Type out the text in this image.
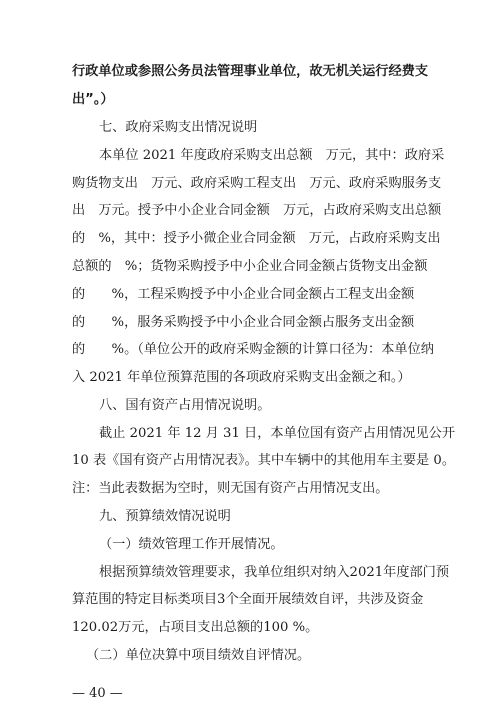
行政单位或参照公务员法管理事业单位，故无机关运行经费支
出”。）
七、政府采购支出情况说明
本单位 2021 年度政府采购支出总额　万元，其中：政府采
购货物支出　万元、政府采购工程支出　万元、政府采购服务支
出　万元。授予中小企业合同金额　万元，占政府采购支出总额
的　%，其中：授予小微企业合同金额　万元，占政府采购支出
总额的　%；货物采购授予中小企业合同金额占货物支出金额
的　　%，工程采购授予中小企业合同金额占工程支出金额
的　　%，服务采购授予中小企业合同金额占服务支出金额
的　　%。（单位公开的政府采购金额的计算口径为：本单位纳
入 2021 年单位预算范围的各项政府采购支出金额之和。）
八、国有资产占用情况说明。
截止 2021 年 12 月 31 日，本单位国有资产占用情况见公开
10 表《国有资产占用情况表》。其中车辆中的其他用车主要是 0。
注：当此表数据为空时，则无国有资产占用情况支出。
九、预算绩效情况说明
（一）绩效管理工作开展情况。
根据预算绩效管理要求，我单位组织对纳入2021年度部门预
算范围的特定目标类项目3个全面开展绩效自评，共涉及资金
120.02万元，占项目支出总额的100 %。
（二）单位决算中项目绩效自评情况。
— 40 —
